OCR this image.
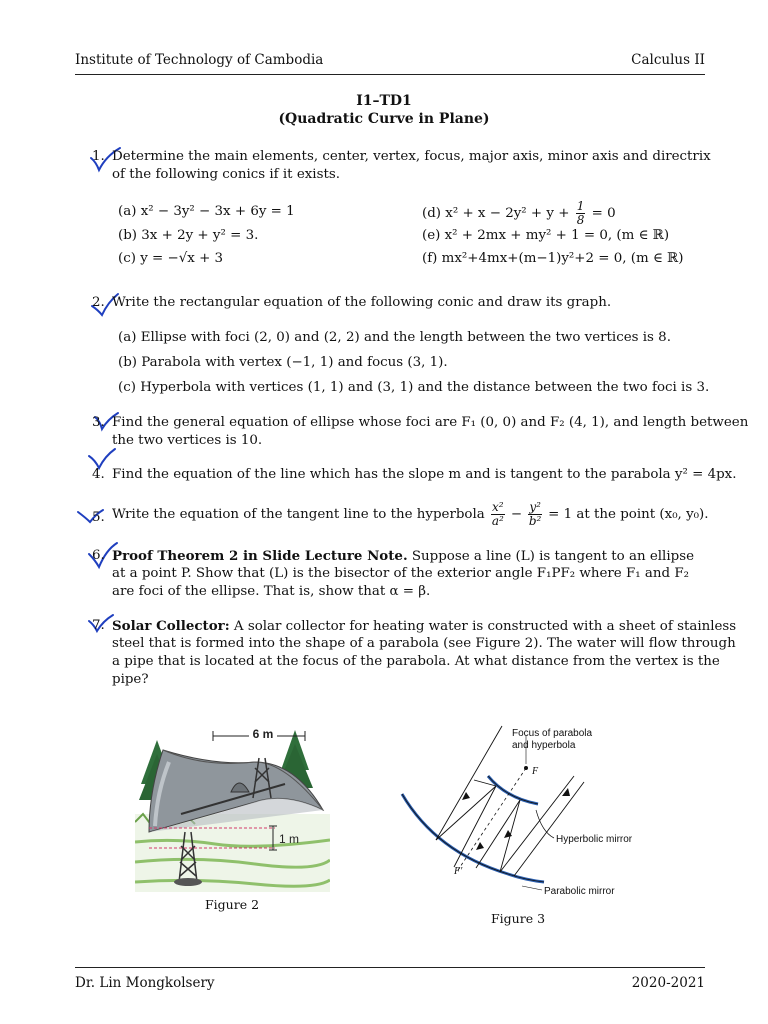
Institute of Technology of Cambodia	Calculus II
I1–TD1
(Quadratic Curve in Plane)
1. Determine the main elements, center, vertex, focus, major axis, minor axis and directrix
of the following conics if it exists.
(a) x² − 3y² − 3x + 6y = 1
(b) 3x + 2y + y² = 3.
(c) y = −√x + 3
(d) $x^2 + x - 2y^2 + y + \frac{1}{8} = 0$
(e) x² + 2mx + my² + 1 = 0, (m ∈ ℝ)
(f) mx²+4mx+(m−1)y²+2 = 0, (m ∈ ℝ)
2. Write the rectangular equation of the following conic and draw its graph.
(a) Ellipse with foci (2, 0) and (2, 2) and the length between the two vertices is 8.
(b) Parabola with vertex (−1, 1) and focus (3, 1).
(c) Hyperbola with vertices (1, 1) and (3, 1) and the distance between the two foci is 3.
3. Find the general equation of ellipse whose foci are F₁ (0, 0) and F₂ (4, 1), and length between
the two vertices is 10.
4. Find the equation of the line which has the slope m and is tangent to the parabola y² = 4px.
5. Write the equation of the tangent line to the hyperbola $\frac{\text{x²}}{\text{a²}} - \frac{\text{y²}}{\text{b²}} = 1$ at the point (x₀, y₀).
6. Proof Theorem 2 in Slide Lecture Note. Suppose a line (L) is tangent to an ellipse
at a point P. Show that (L) is the bisector of the exterior angle F₁PF₂ where F₁ and F₂
are foci of the ellipse. That is, show that α = β.
7. Solar Collector: A solar collector for heating water is constructed with a sheet of stainless
steel that is formed into the shape of a parabola (see Figure 2). The water will flow through
a pipe that is located at the focus of the parabola. At what distance from the vertex is the
pipe?
6 m
1 m
Figure 2
Focus of parabola
and hyperbola
F
F′
Hyperbolic mirror
Parabolic mirror
Figure 3
Dr. Lin Mongkolsery	2020-2021
